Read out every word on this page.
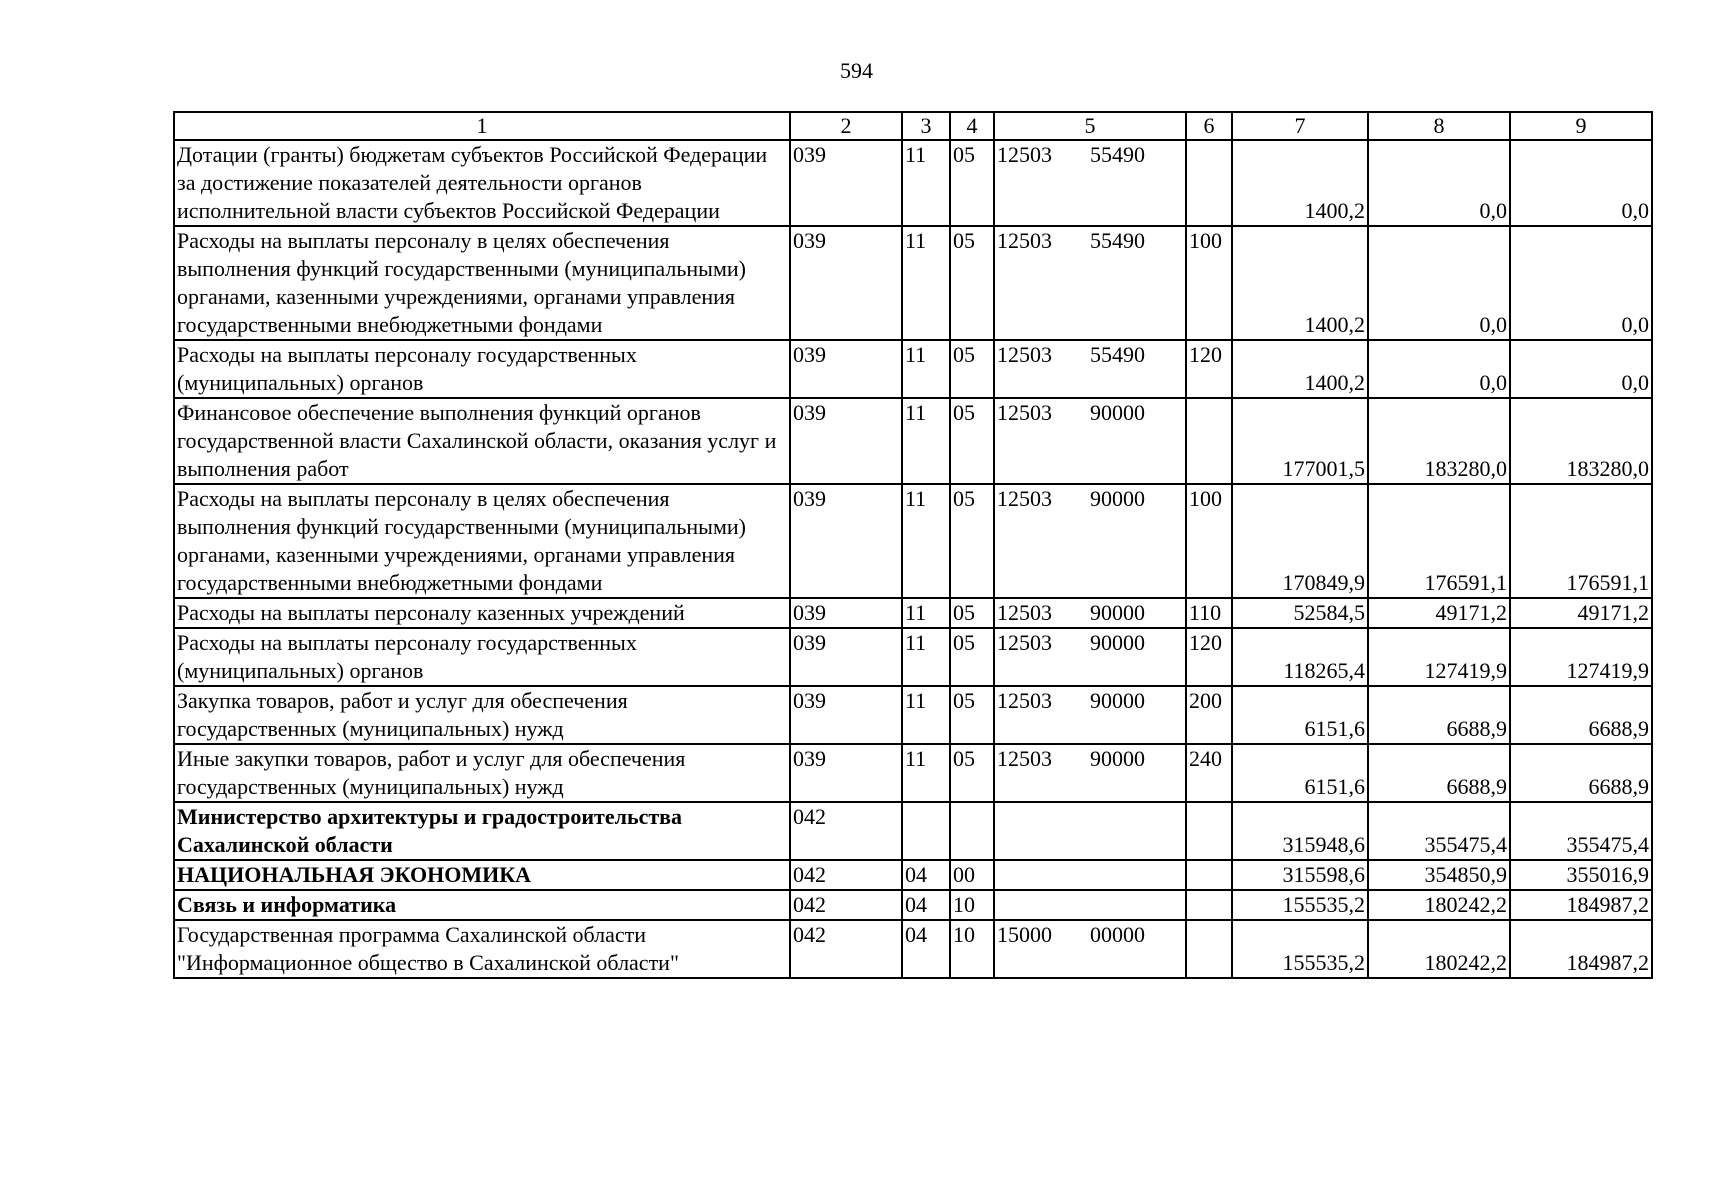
594
1	2	3	4	5	6	7	8	9
Дотации (гранты) бюджетам субъектов Российской Федерации за достижение показателей деятельности органов исполнительной власти субъектов Российской Федерации	039	11	05	12503 55490		1400,2	0,0	0,0
Расходы на выплаты персоналу в целях обеспечения выполнения функций государственными (муниципальными) органами, казенными учреждениями, органами управления государственными внебюджетными фондами	039	11	05	12503 55490	100	1400,2	0,0	0,0
Расходы на выплаты персоналу государственных (муниципальных) органов	039	11	05	12503 55490	120	1400,2	0,0	0,0
Финансовое обеспечение выполнения функций органов государственной власти Сахалинской области, оказания услуг и выполнения работ	039	11	05	12503 90000		177001,5	183280,0	183280,0
Расходы на выплаты персоналу в целях обеспечения выполнения функций государственными (муниципальными) органами, казенными учреждениями, органами управления государственными внебюджетными фондами	039	11	05	12503 90000	100	170849,9	176591,1	176591,1
Расходы на выплаты персоналу казенных учреждений	039	11	05	12503 90000	110	52584,5	49171,2	49171,2
Расходы на выплаты персоналу государственных (муниципальных) органов	039	11	05	12503 90000	120	118265,4	127419,9	127419,9
Закупка товаров, работ и услуг для обеспечения государственных (муниципальных) нужд	039	11	05	12503 90000	200	6151,6	6688,9	6688,9
Иные закупки товаров, работ и услуг для обеспечения государственных (муниципальных) нужд	039	11	05	12503 90000	240	6151,6	6688,9	6688,9
Министерство архитектуры и градостроительства Сахалинской области	042					315948,6	355475,4	355475,4
НАЦИОНАЛЬНАЯ ЭКОНОМИКА	042	04	00			315598,6	354850,9	355016,9
Связь и информатика	042	04	10			155535,2	180242,2	184987,2
Государственная программа Сахалинской области "Информационное общество в Сахалинской области"	042	04	10	15000 00000		155535,2	180242,2	184987,2
